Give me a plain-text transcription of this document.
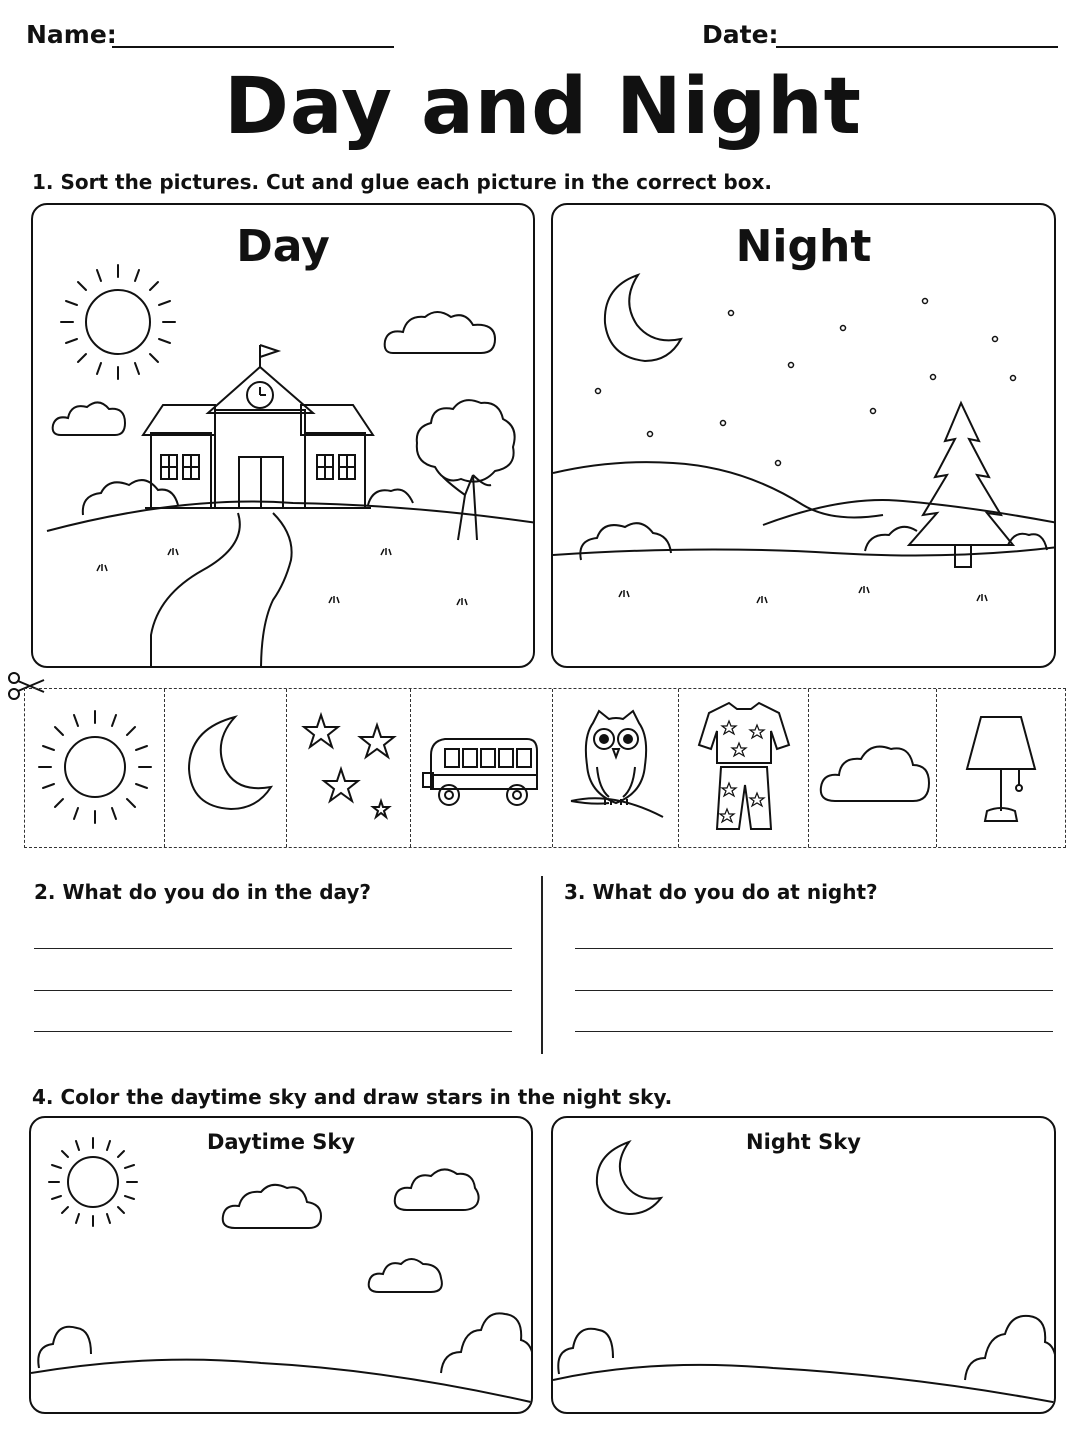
Name:	Date:
Day and Night
1. Sort the pictures. Cut and glue each picture in the correct box.
Day	Night
2. What do you do in the day?	3. What do you do at night?
4. Color the daytime sky and draw stars in the night sky.
Daytime Sky	Night Sky
